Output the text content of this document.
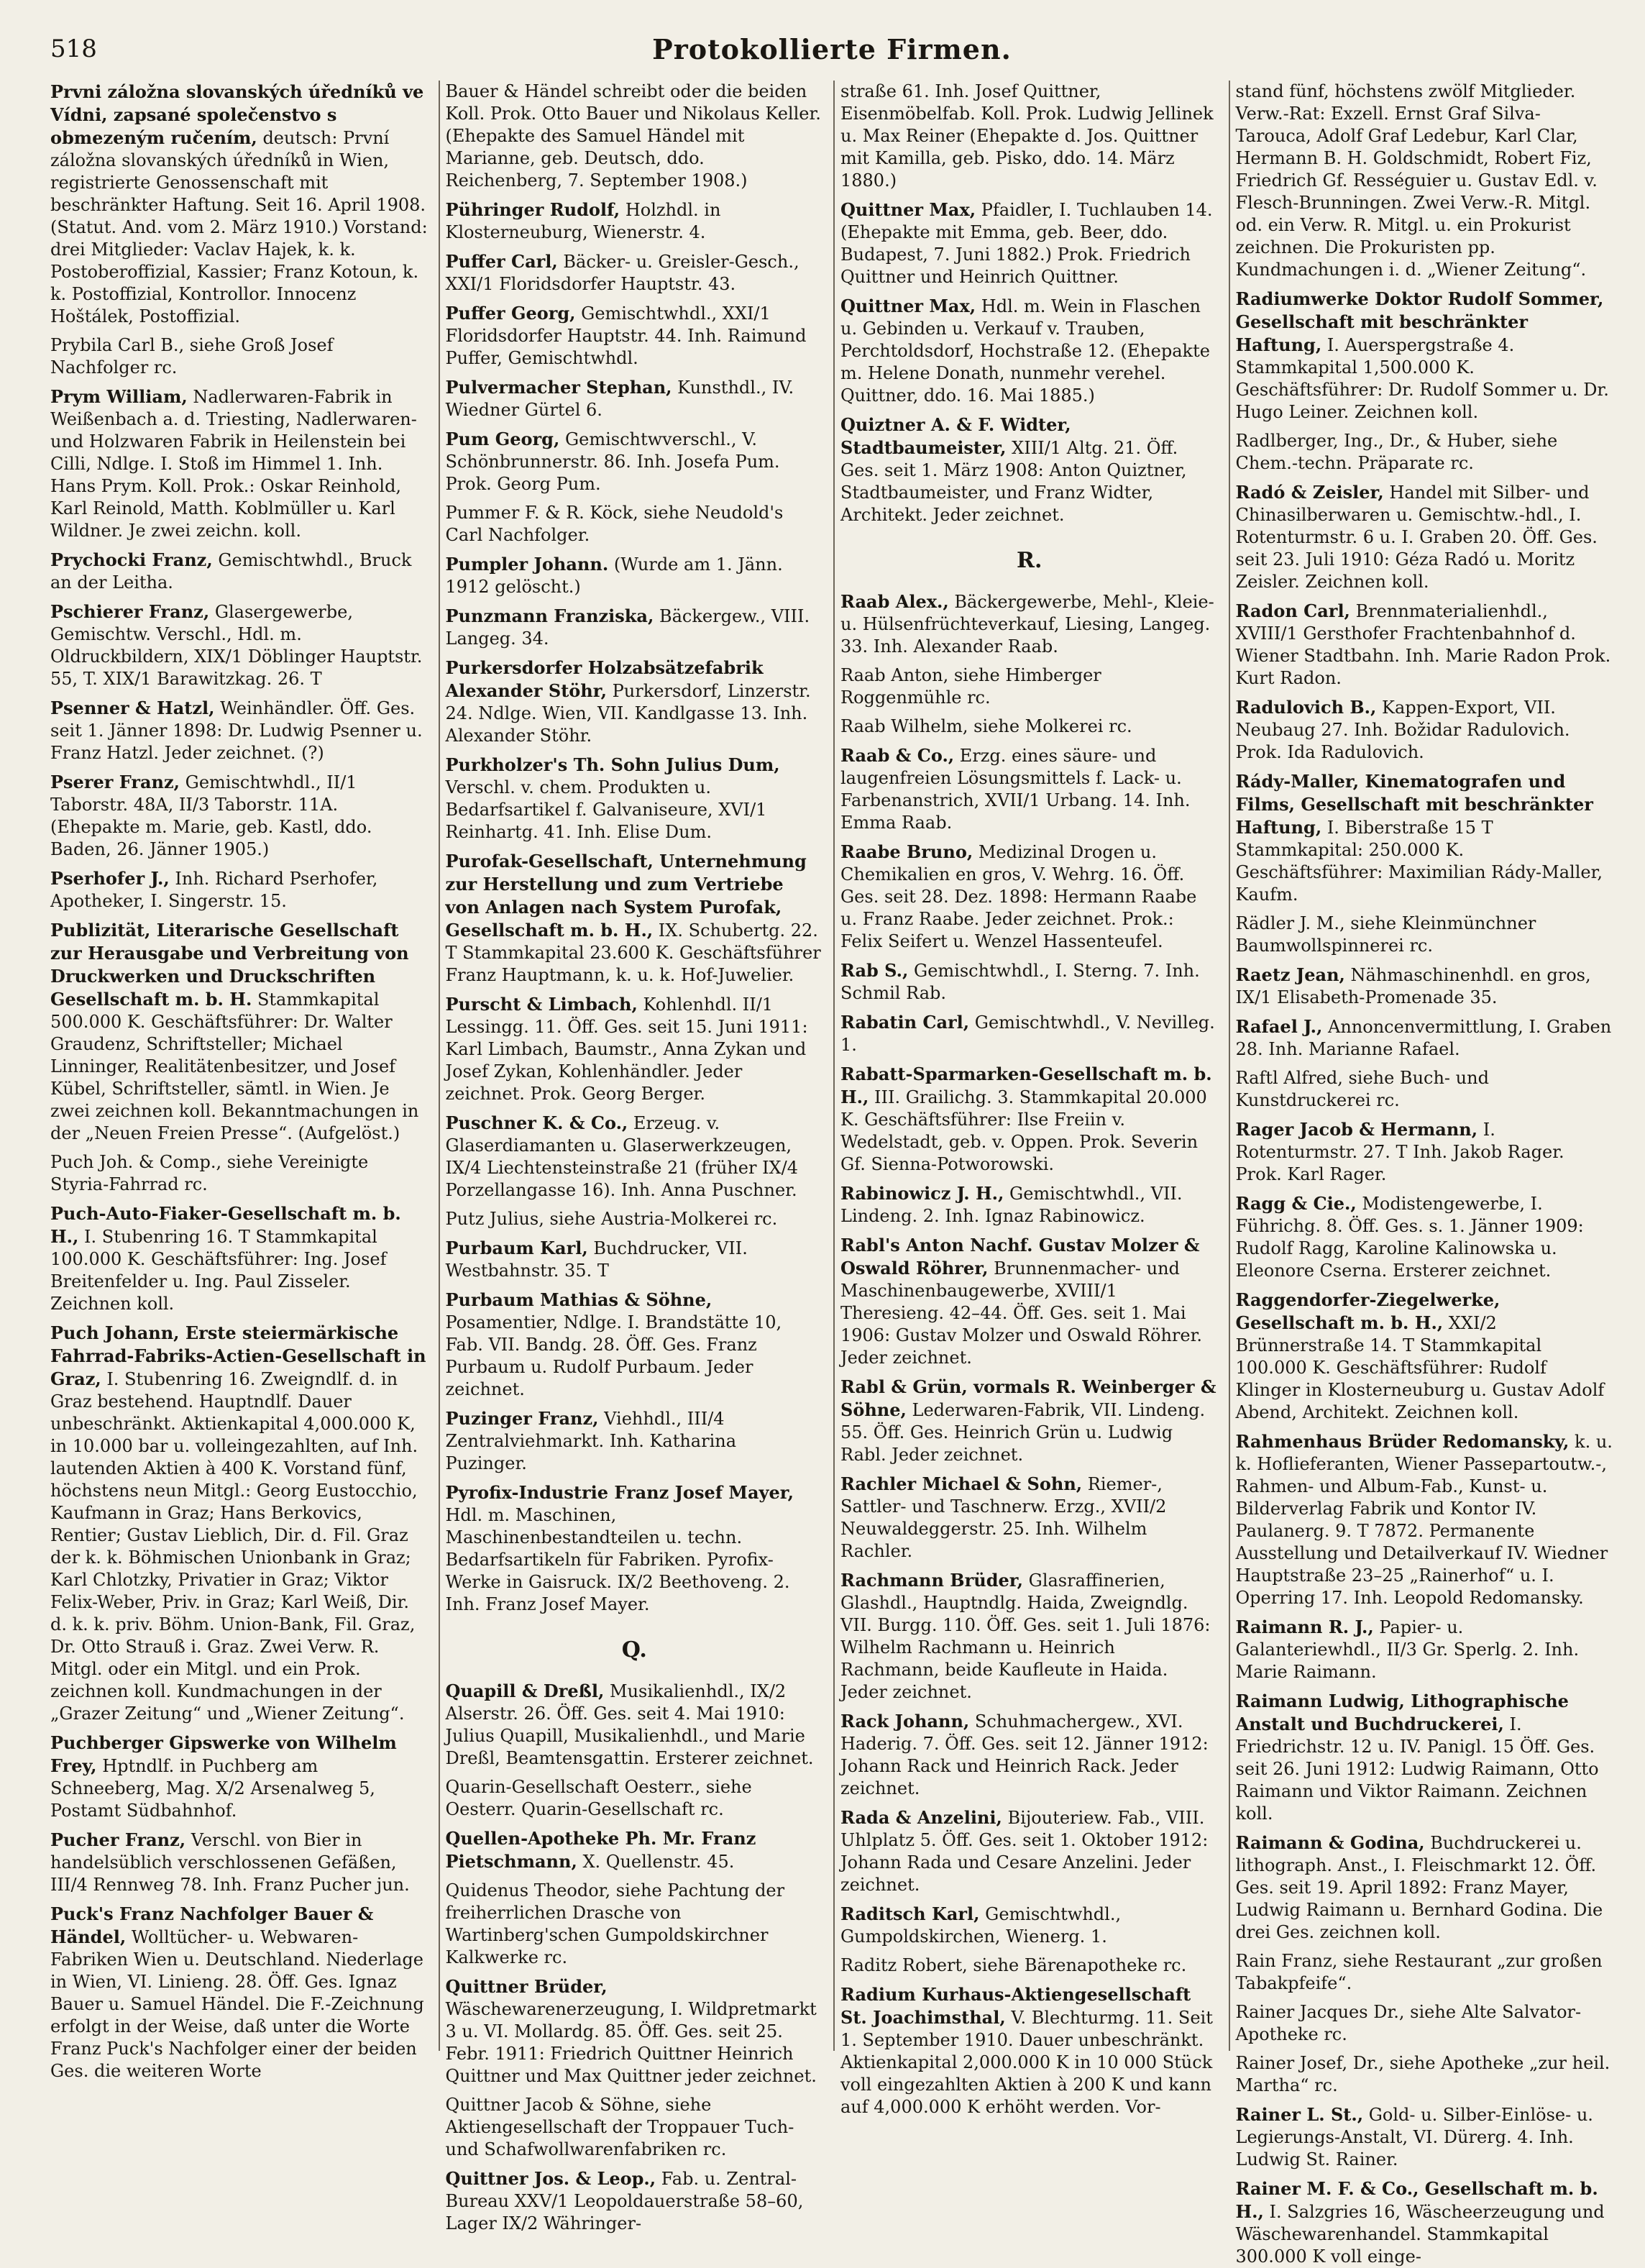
518	Protokollierte Firmen.

Prvni záložna slovanských úředníků ve Vídni, zapsané společenstvo s obmezeným ručením, deutsch: První záložna slovanských úředníků in Wien, registrierte Genossenschaft mit beschränkter Haftung. Seit 16. April 1908. (Statut. And. vom 2. März 1910.) Vorstand: drei Mitglieder: Vaclav Hajek, k. k. Postoberoffizial, Kassier; Franz Kotoun, k. k. Postoffizial, Kontrollor. Innocenz Hoštálek, Postoffizial.

Prybila Carl B., siehe Groß Josef Nachfolger rc.

Prym William, Nadlerwaren-Fabrik in Weißenbach a. d. Triesting, Nadlerwaren- und Holzwaren Fabrik in Heilenstein bei Cilli, Ndlge. I. Stoß im Himmel 1. Inh. Hans Prym. Koll. Prok.: Oskar Reinhold, Karl Reinold, Matth. Koblmüller u. Karl Wildner. Je zwei zeichn. koll.

Prychocki Franz, Gemischtwhdl., Bruck an der Leitha.

Pschierer Franz, Glasergewerbe, Gemischtw. Verschl., Hdl. m. Oldruckbildern, XIX/1 Döblinger Hauptstr. 55, T. XIX/1 Barawitzkag. 26. T

Psenner & Hatzl, Weinhändler. Öff. Ges. seit 1. Jänner 1898: Dr. Ludwig Psenner u. Franz Hatzl. Jeder zeichnet. (?)

Pserer Franz, Gemischtwhdl., II/1 Taborstr. 48A, II/3 Taborstr. 11A. (Ehepakte m. Marie, geb. Kastl, ddo. Baden, 26. Jänner 1905.)

Pserhofer J., Inh. Richard Pserhofer, Apotheker, I. Singerstr. 15.

Publizität, Literarische Gesellschaft zur Herausgabe und Verbreitung von Druckwerken und Druckschriften Gesellschaft m. b. H. Stammkapital 500.000 K. Geschäftsführer: Dr. Walter Graudenz, Schriftsteller; Michael Linninger, Realitätenbesitzer, und Josef Kübel, Schriftsteller, sämtl. in Wien. Je zwei zeichnen koll. Bekanntmachungen in der „Neuen Freien Presse“. (Aufgelöst.)

Puch Joh. & Comp., siehe Vereinigte Styria-Fahrrad rc.

Puch-Auto-Fiaker-Gesellschaft m. b. H., I. Stubenring 16. T Stammkapital 100.000 K. Geschäftsführer: Ing. Josef Breitenfelder u. Ing. Paul Zisseler. Zeichnen koll.

Puch Johann, Erste steiermärkische Fahrrad-Fabriks-Actien-Gesellschaft in Graz, I. Stubenring 16. Zweigndlf. d. in Graz bestehend. Hauptndlf. Dauer unbeschränkt. Aktienkapital 4,000.000 K, in 10.000 bar u. volleingezahlten, auf Inh. lautenden Aktien à 400 K. Vorstand fünf, höchstens neun Mitgl.: Georg Eustocchio, Kaufmann in Graz; Hans Berkovics, Rentier; Gustav Lieblich, Dir. d. Fil. Graz der k. k. Böhmischen Unionbank in Graz; Karl Chlotzky, Privatier in Graz; Viktor Felix-Weber, Priv. in Graz; Karl Weiß, Dir. d. k. k. priv. Böhm. Union-Bank, Fil. Graz, Dr. Otto Strauß i. Graz. Zwei Verw. R. Mitgl. oder ein Mitgl. und ein Prok. zeichnen koll. Kundmachungen in der „Grazer Zeitung“ und „Wiener Zeitung“.

Puchberger Gipswerke von Wilhelm Frey, Hptndlf. in Puchberg am Schneeberg, Mag. X/2 Arsenalweg 5, Postamt Südbahnhof.

Pucher Franz, Verschl. von Bier in handelsüblich verschlossenen Gefäßen, III/4 Rennweg 78. Inh. Franz Pucher jun.

Puck's Franz Nachfolger Bauer & Händel, Wolltücher- u. Webwaren-Fabriken Wien u. Deutschland. Niederlage in Wien, VI. Linieng. 28. Öff. Ges. Ignaz Bauer u. Samuel Händel. Die F.-Zeichnung erfolgt in der Weise, daß unter die Worte Franz Puck's Nachfolger einer der beiden Ges. die weiteren Worte

Bauer & Händel schreibt oder die beiden Koll. Prok. Otto Bauer und Nikolaus Keller. (Ehepakte des Samuel Händel mit Marianne, geb. Deutsch, ddo. Reichenberg, 7. September 1908.)

Pühringer Rudolf, Holzhdl. in Klosterneuburg, Wienerstr. 4.

Puffer Carl, Bäcker- u. Greisler-Gesch., XXI/1 Floridsdorfer Hauptstr. 43.

Puffer Georg, Gemischtwhdl., XXI/1 Floridsdorfer Hauptstr. 44. Inh. Raimund Puffer, Gemischtwhdl.

Pulvermacher Stephan, Kunsthdl., IV. Wiedner Gürtel 6.

Pum Georg, Gemischtwverschl., V. Schönbrunnerstr. 86. Inh. Josefa Pum. Prok. Georg Pum.

Pummer F. & R. Köck, siehe Neudold's Carl Nachfolger.

Pumpler Johann. (Wurde am 1. Jänn. 1912 gelöscht.)

Punzmann Franziska, Bäckergew., VIII. Langeg. 34.

Purkersdorfer Holzabsätzefabrik Alexander Stöhr, Purkersdorf, Linzerstr. 24. Ndlge. Wien, VII. Kandlgasse 13. Inh. Alexander Stöhr.

Purkholzer's Th. Sohn Julius Dum, Verschl. v. chem. Produkten u. Bedarfsartikel f. Galvaniseure, XVI/1 Reinhartg. 41. Inh. Elise Dum.

Purofak-Gesellschaft, Unternehmung zur Herstellung und zum Vertriebe von Anlagen nach System Purofak, Gesellschaft m. b. H., IX. Schubertg. 22. T Stammkapital 23.600 K. Geschäftsführer Franz Hauptmann, k. u. k. Hof-Juwelier.

Purscht & Limbach, Kohlenhdl. II/1 Lessingg. 11. Öff. Ges. seit 15. Juni 1911: Karl Limbach, Baumstr., Anna Zykan und Josef Zykan, Kohlenhändler. Jeder zeichnet. Prok. Georg Berger.

Puschner K. & Co., Erzeug. v. Glaserdiamanten u. Glaserwerkzeugen, IX/4 Liechtensteinstraße 21 (früher IX/4 Porzellangasse 16). Inh. Anna Puschner.

Putz Julius, siehe Austria-Molkerei rc.

Purbaum Karl, Buchdrucker, VII. Westbahnstr. 35. T

Purbaum Mathias & Söhne, Posamentier, Ndlge. I. Brandstätte 10, Fab. VII. Bandg. 28. Öff. Ges. Franz Purbaum u. Rudolf Purbaum. Jeder zeichnet.

Puzinger Franz, Viehhdl., III/4 Zentralviehmarkt. Inh. Katharina Puzinger.

Pyrofix-Industrie Franz Josef Mayer, Hdl. m. Maschinen, Maschinenbestandteilen u. techn. Bedarfsartikeln für Fabriken. Pyrofix-Werke in Gaisruck. IX/2 Beethoveng. 2. Inh. Franz Josef Mayer.

Q.

Quapill & Dreßl, Musikalienhdl., IX/2 Alserstr. 26. Öff. Ges. seit 4. Mai 1910: Julius Quapill, Musikalienhdl., und Marie Dreßl, Beamtensgattin. Ersterer zeichnet.

Quarin-Gesellschaft Oesterr., siehe Oesterr. Quarin-Gesellschaft rc.

Quellen-Apotheke Ph. Mr. Franz Pietschmann, X. Quellenstr. 45.

Quidenus Theodor, siehe Pachtung der freiherrlichen Drasche von Wartinberg'schen Gumpoldskirchner Kalkwerke rc.

Quittner Brüder, Wäschewarenerzeugung, I. Wildpretmarkt 3 u. VI. Mollardg. 85. Öff. Ges. seit 25. Febr. 1911: Friedrich Quittner Heinrich Quittner und Max Quittner jeder zeichnet.

Quittner Jacob & Söhne, siehe Aktiengesellschaft der Troppauer Tuch- und Schafwollwarenfabriken rc.

Quittner Jos. & Leop., Fab. u. Zentral-Bureau XXV/1 Leopoldauerstraße 58–60, Lager IX/2 Währinger-

straße 61. Inh. Josef Quittner, Eisenmöbelfab. Koll. Prok. Ludwig Jellinek u. Max Reiner (Ehepakte d. Jos. Quittner mit Kamilla, geb. Pisko, ddo. 14. März 1880.)

Quittner Max, Pfaidler, I. Tuchlauben 14. (Ehepakte mit Emma, geb. Beer, ddo. Budapest, 7. Juni 1882.) Prok. Friedrich Quittner und Heinrich Quittner.

Quittner Max, Hdl. m. Wein in Flaschen u. Gebinden u. Verkauf v. Trauben, Perchtoldsdorf, Hochstraße 12. (Ehepakte m. Helene Donath, nunmehr verehel. Quittner, ddo. 16. Mai 1885.)

Quiztner A. & F. Widter, Stadtbaumeister, XIII/1 Altg. 21. Öff. Ges. seit 1. März 1908: Anton Quiztner, Stadtbaumeister, und Franz Widter, Architekt. Jeder zeichnet.

R.

Raab Alex., Bäckergewerbe, Mehl-, Kleie- u. Hülsenfrüchteverkauf, Liesing, Langeg. 33. Inh. Alexander Raab.

Raab Anton, siehe Himberger Roggenmühle rc.

Raab Wilhelm, siehe Molkerei rc.

Raab & Co., Erzg. eines säure- und laugenfreien Lösungsmittels f. Lack- u. Farbenanstrich, XVII/1 Urbang. 14. Inh. Emma Raab.

Raabe Bruno, Medizinal Drogen u. Chemikalien en gros, V. Wehrg. 16. Öff. Ges. seit 28. Dez. 1898: Hermann Raabe u. Franz Raabe. Jeder zeichnet. Prok.: Felix Seifert u. Wenzel Hassenteufel.

Rab S., Gemischtwhdl., I. Sterng. 7. Inh. Schmil Rab.

Rabatin Carl, Gemischtwhdl., V. Nevilleg. 1.

Rabatt-Sparmarken-Gesellschaft m. b. H., III. Grailichg. 3. Stammkapital 20.000 K. Geschäftsführer: Ilse Freiin v. Wedelstadt, geb. v. Oppen. Prok. Severin Gf. Sienna-Potworowski.

Rabinowicz J. H., Gemischtwhdl., VII. Lindeng. 2. Inh. Ignaz Rabinowicz.

Rabl's Anton Nachf. Gustav Molzer & Oswald Röhrer, Brunnenmacher- und Maschinenbaugewerbe, XVIII/1 Theresieng. 42–44. Öff. Ges. seit 1. Mai 1906: Gustav Molzer und Oswald Röhrer. Jeder zeichnet.

Rabl & Grün, vormals R. Weinberger & Söhne, Lederwaren-Fabrik, VII. Lindeng. 55. Öff. Ges. Heinrich Grün u. Ludwig Rabl. Jeder zeichnet.

Rachler Michael & Sohn, Riemer-, Sattler- und Taschnerw. Erzg., XVII/2 Neuwaldeggerstr. 25. Inh. Wilhelm Rachler.

Rachmann Brüder, Glasraffinerien, Glashdl., Hauptndlg. Haida, Zweigndlg. VII. Burgg. 110. Öff. Ges. seit 1. Juli 1876: Wilhelm Rachmann u. Heinrich Rachmann, beide Kaufleute in Haida. Jeder zeichnet.

Rack Johann, Schuhmachergew., XVI. Haderig. 7. Öff. Ges. seit 12. Jänner 1912: Johann Rack und Heinrich Rack. Jeder zeichnet.

Rada & Anzelini, Bijouteriew. Fab., VIII. Uhlplatz 5. Öff. Ges. seit 1. Oktober 1912: Johann Rada und Cesare Anzelini. Jeder zeichnet.

Raditsch Karl, Gemischtwhdl., Gumpoldskirchen, Wienerg. 1.

Raditz Robert, siehe Bärenapotheke rc.

Radium Kurhaus-Aktiengesellschaft St. Joachimsthal, V. Blechturmg. 11. Seit 1. September 1910. Dauer unbeschränkt. Aktienkapital 2,000.000 K in 10 000 Stück voll eingezahlten Aktien à 200 K und kann auf 4,000.000 K erhöht werden. Vor-

stand fünf, höchstens zwölf Mitglieder. Verw.-Rat: Exzell. Ernst Graf Silva-Tarouca, Adolf Graf Ledebur, Karl Clar, Hermann B. H. Goldschmidt, Robert Fiz, Friedrich Gf. Rességuier u. Gustav Edl. v. Flesch-Brunningen. Zwei Verw.-R. Mitgl. od. ein Verw. R. Mitgl. u. ein Prokurist zeichnen. Die Prokuristen pp. Kundmachungen i. d. „Wiener Zeitung“.

Radiumwerke Doktor Rudolf Sommer, Gesellschaft mit beschränkter Haftung, I. Auerspergstraße 4. Stammkapital 1,500.000 K. Geschäftsführer: Dr. Rudolf Sommer u. Dr. Hugo Leiner. Zeichnen koll.

Radlberger, Ing., Dr., & Huber, siehe Chem.-techn. Präparate rc.

Radó & Zeisler, Handel mit Silber- und Chinasilberwaren u. Gemischtw.-hdl., I. Rotenturmstr. 6 u. I. Graben 20. Öff. Ges. seit 23. Juli 1910: Géza Radó u. Moritz Zeisler. Zeichnen koll.

Radon Carl, Brennmaterialienhdl., XVIII/1 Gersthofer Frachtenbahnhof d. Wiener Stadtbahn. Inh. Marie Radon Prok. Kurt Radon.

Radulovich B., Kappen-Export, VII. Neubaug 27. Inh. Božidar Radulovich. Prok. Ida Radulovich.

Rády-Maller, Kinematografen und Films, Gesellschaft mit beschränkter Haftung, I. Biberstraße 15 T Stammkapital: 250.000 K. Geschäftsführer: Maximilian Rády-Maller, Kaufm.

Rädler J. M., siehe Kleinmünchner Baumwollspinnerei rc.

Raetz Jean, Nähmaschinenhdl. en gros, IX/1 Elisabeth-Promenade 35.

Rafael J., Annoncenvermittlung, I. Graben 28. Inh. Marianne Rafael.

Raftl Alfred, siehe Buch- und Kunstdruckerei rc.

Rager Jacob & Hermann, I. Rotenturmstr. 27. T Inh. Jakob Rager. Prok. Karl Rager.

Ragg & Cie., Modistengewerbe, I. Führichg. 8. Öff. Ges. s. 1. Jänner 1909: Rudolf Ragg, Karoline Kalinowska u. Eleonore Cserna. Ersterer zeichnet.

Raggendorfer-Ziegelwerke, Gesellschaft m. b. H., XXI/2 Brünnerstraße 14. T Stammkapital 100.000 K. Geschäftsführer: Rudolf Klinger in Klosterneuburg u. Gustav Adolf Abend, Architekt. Zeichnen koll.

Rahmenhaus Brüder Redomansky, k. u. k. Hoflieferanten, Wiener Passepartoutw.-, Rahmen- und Album-Fab., Kunst- u. Bilderverlag Fabrik und Kontor IV. Paulanerg. 9. T 7872. Permanente Ausstellung und Detailverkauf IV. Wiedner Hauptstraße 23–25 „Rainerhof“ u. I. Operring 17. Inh. Leopold Redomansky.

Raimann R. J., Papier- u. Galanteriewhdl., II/3 Gr. Sperlg. 2. Inh. Marie Raimann.

Raimann Ludwig, Lithographische Anstalt und Buchdruckerei, I. Friedrichstr. 12 u. IV. Panigl. 15 Öff. Ges. seit 26. Juni 1912: Ludwig Raimann, Otto Raimann und Viktor Raimann. Zeichnen koll.

Raimann & Godina, Buchdruckerei u. lithograph. Anst., I. Fleischmarkt 12. Öff. Ges. seit 19. April 1892: Franz Mayer, Ludwig Raimann u. Bernhard Godina. Die drei Ges. zeichnen koll.

Rain Franz, siehe Restaurant „zur großen Tabakpfeife“.

Rainer Jacques Dr., siehe Alte Salvator-Apotheke rc.

Rainer Josef, Dr., siehe Apotheke „zur heil. Martha“ rc.

Rainer L. St., Gold- u. Silber-Einlöse- u. Legierungs-Anstalt, VI. Dürerg. 4. Inh. Ludwig St. Rainer.

Rainer M. F. & Co., Gesellschaft m. b. H., I. Salzgries 16, Wäscheerzeugung und Wäschewarenhandel. Stammkapital 300.000 K voll einge-
